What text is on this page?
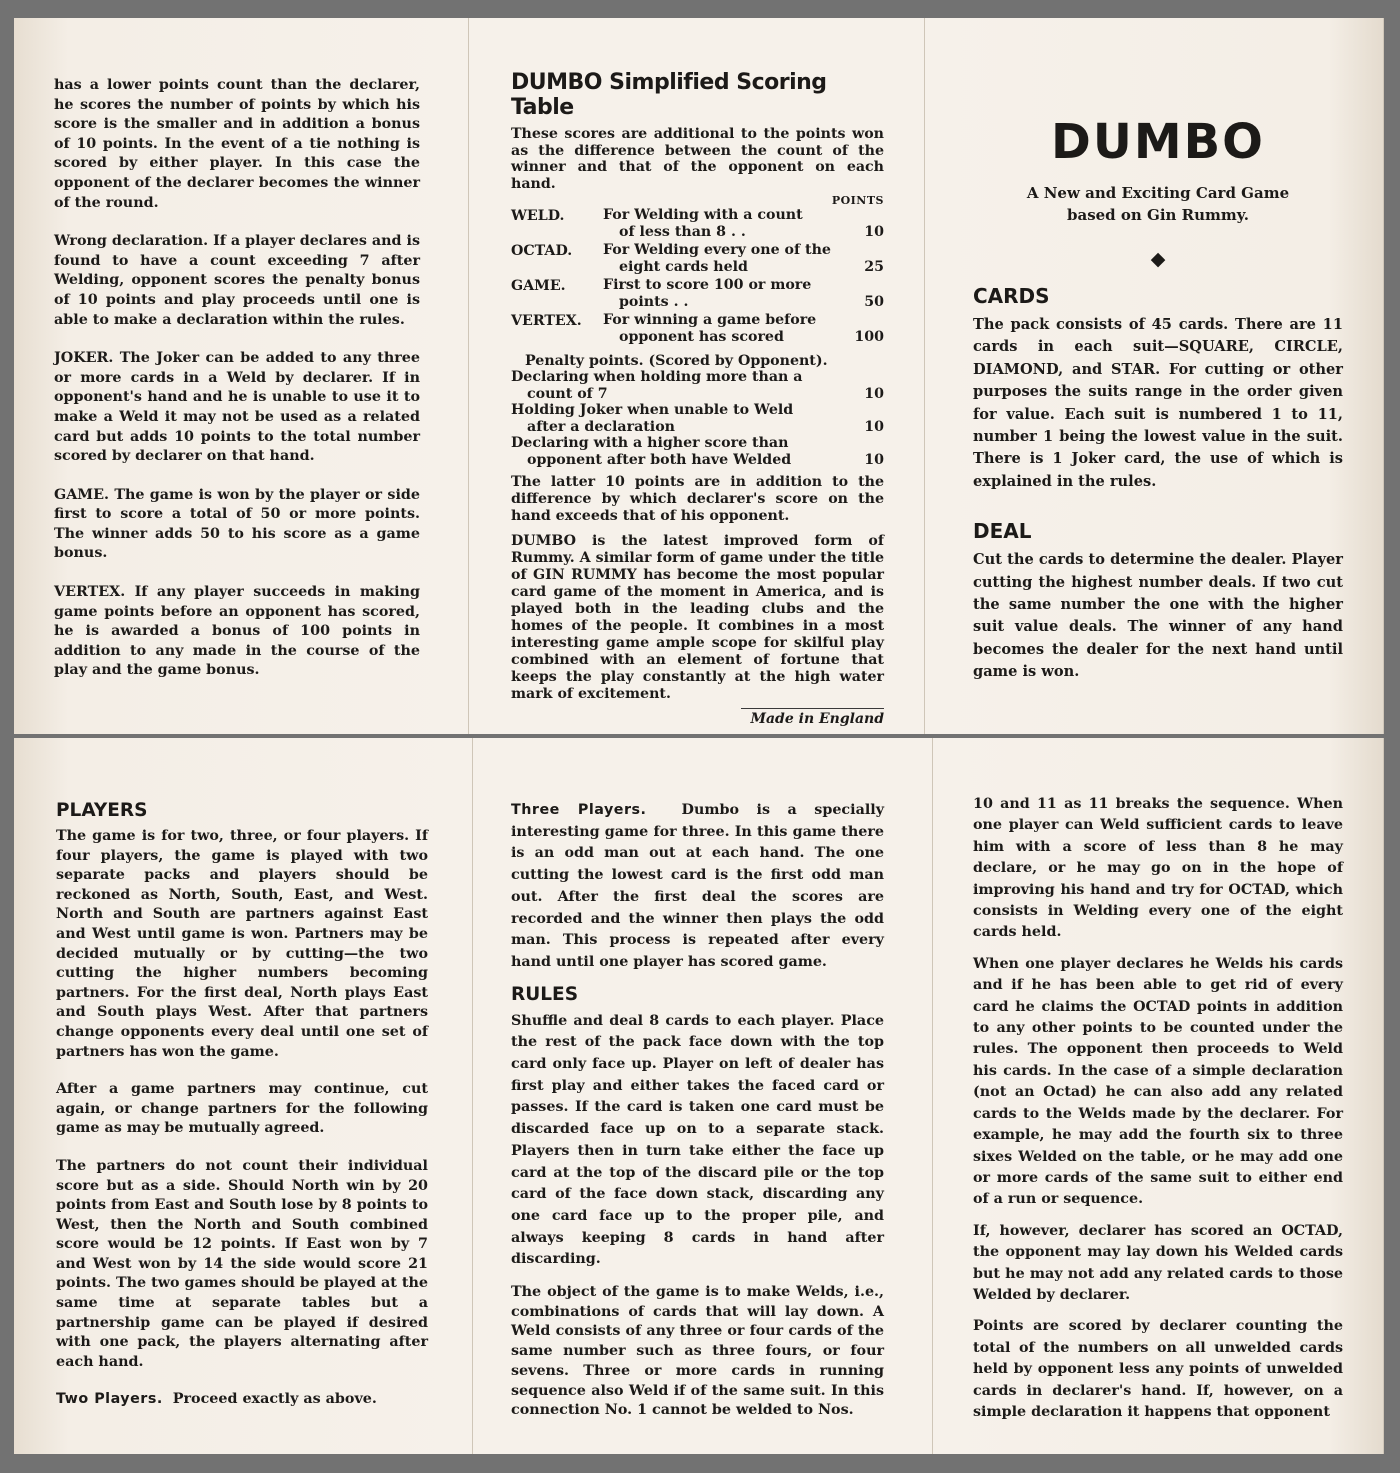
has a lower points count than the declarer, he scores the number of points by which his score is the smaller and in addition a bonus of 10 points. In the event of a tie nothing is scored by either player. In this case the opponent of the declarer becomes the winner of the round.

Wrong declaration. If a player declares and is found to have a count exceeding 7 after Welding, opponent scores the penalty bonus of 10 points and play proceeds until one is able to make a declaration within the rules.

JOKER. The Joker can be added to any three or more cards in a Weld by declarer. If in opponent's hand and he is unable to use it to make a Weld it may not be used as a related card but adds 10 points to the total number scored by declarer on that hand.

GAME. The game is won by the player or side first to score a total of 50 or more points. The winner adds 50 to his score as a game bonus.

VERTEX. If any player succeeds in making game points before an opponent has scored, he is awarded a bonus of 100 points in addition to any made in the course of the play and the game bonus.

DUMBO Simplified Scoring Table

These scores are additional to the points won as the difference between the count of the winner and that of the opponent on each hand.

POINTS
WELD.	For Welding with a count
of less than 8 . .	10
OCTAD.	For Welding every one of the
eight cards held	25
GAME.	First to score 100 or more
points . .	50
VERTEX.	For winning a game before
opponent has scored	100
Penalty points. (Scored by Opponent).
Declaring when holding more than a
count of 7	10

Holding Joker when unable to Weld
after a declaration	10

Declaring with a higher score than
opponent after both have Welded	10

The latter 10 points are in addition to the difference by which declarer's score on the hand exceeds that of his opponent.

DUMBO is the latest improved form of Rummy. A similar form of game under the title of GIN RUMMY has become the most popular card game of the moment in America, and is played both in the leading clubs and the homes of the people. It combines in a most interesting game ample scope for skilful play combined with an element of fortune that keeps the play constantly at the high water mark of excitement.

Made in England
DUMBO
A New and Exciting Card Game
based on Gin Rummy.
◆
CARDS

The pack consists of 45 cards. There are 11 cards in each suit—SQUARE, CIRCLE, DIAMOND, and STAR. For cutting or other purposes the suits range in the order given for value. Each suit is numbered 1 to 11, number 1 being the lowest value in the suit. There is 1 Joker card, the use of which is explained in the rules.

DEAL

Cut the cards to determine the dealer. Player cutting the highest number deals. If two cut the same number the one with the higher suit value deals. The winner of any hand becomes the dealer for the next hand until game is won.

PLAYERS

The game is for two, three, or four players. If four players, the game is played with two separate packs and players should be reckoned as North, South, East, and West. North and South are partners against East and West until game is won. Partners may be decided mutually or by cutting—the two cutting the higher numbers becoming partners. For the first deal, North plays East and South plays West. After that partners change opponents every deal until one set of partners has won the game.

After a game partners may continue, cut again, or change partners for the following game as may be mutually agreed.

The partners do not count their individual score but as a side. Should North win by 20 points from East and South lose by 8 points to West, then the North and South combined score would be 12 points. If East won by 7 and West won by 14 the side would score 21 points. The two games should be played at the same time at separate tables but a partnership game can be played if desired with one pack, the players alternating after each hand.

Two Players. Proceed exactly as above.

Three Players. Dumbo is a specially interesting game for three. In this game there is an odd man out at each hand. The one cutting the lowest card is the first odd man out. After the first deal the scores are recorded and the winner then plays the odd man. This process is repeated after every hand until one player has scored game.

RULES

Shuffle and deal 8 cards to each player. Place the rest of the pack face down with the top card only face up. Player on left of dealer has first play and either takes the faced card or passes. If the card is taken one card must be discarded face up on to a separate stack. Players then in turn take either the face up card at the top of the discard pile or the top card of the face down stack, discarding any one card face up to the proper pile, and always keeping 8 cards in hand after discarding.

The object of the game is to make Welds, i.e., combinations of cards that will lay down. A Weld consists of any three or four cards of the same number such as three fours, or four sevens. Three or more cards in running sequence also Weld if of the same suit. In this connection No. 1 cannot be welded to Nos.

10 and 11 as 11 breaks the sequence. When one player can Weld sufficient cards to leave him with a score of less than 8 he may declare, or he may go on in the hope of improving his hand and try for OCTAD, which consists in Welding every one of the eight cards held.

When one player declares he Welds his cards and if he has been able to get rid of every card he claims the OCTAD points in addition to any other points to be counted under the rules. The opponent then proceeds to Weld his cards. In the case of a simple declaration (not an Octad) he can also add any related cards to the Welds made by the declarer. For example, he may add the fourth six to three sixes Welded on the table, or he may add one or more cards of the same suit to either end of a run or sequence.

If, however, declarer has scored an OCTAD, the opponent may lay down his Welded cards but he may not add any related cards to those Welded by declarer.

Points are scored by declarer counting the total of the numbers on all unwelded cards held by opponent less any points of unwelded cards in declarer's hand. If, however, on a simple declaration it happens that opponent
